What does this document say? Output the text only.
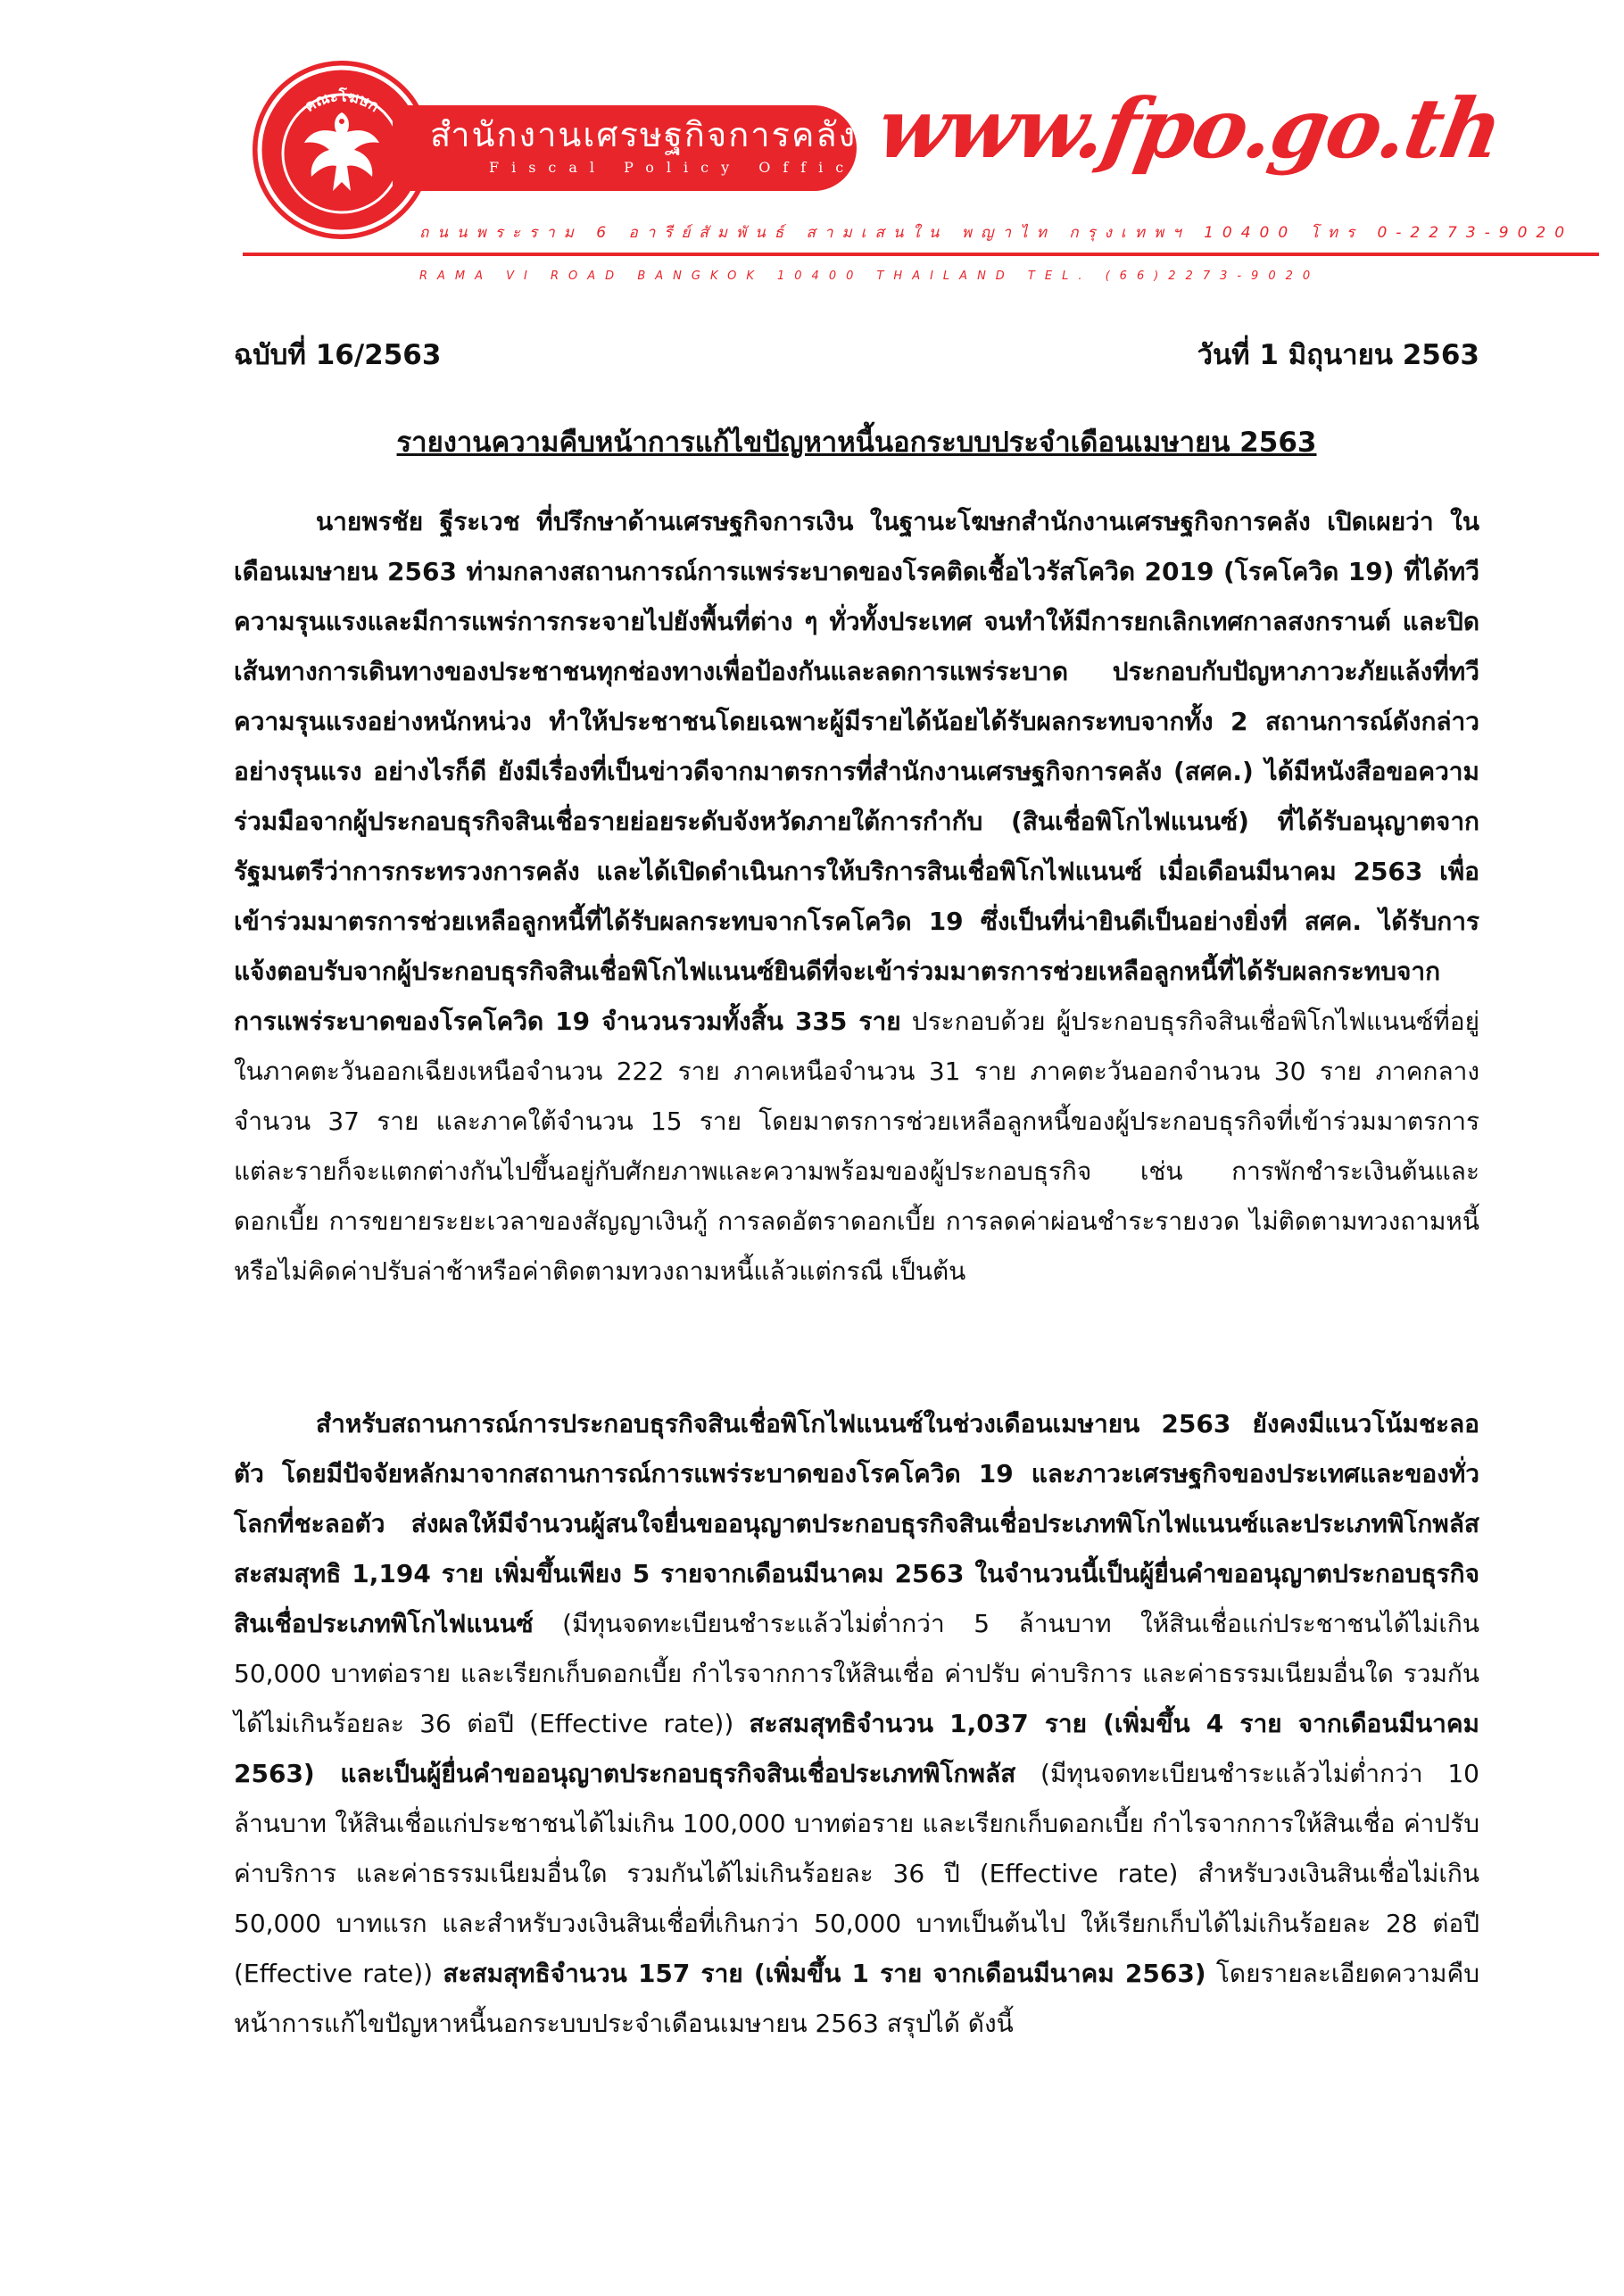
คณะโฆษก
สำนักงานเศรษฐกิจการคลัง
Fiscal Policy Office
www.fpo.go.th
ถนนพระราม 6 อารีย์สัมพันธ์ สามเสนใน พญาไท กรุงเทพฯ 10400 โทร 0-2273-9020
RAMA VI ROAD BANGKOK 10400 THAILAND TEL. (66)2273-9020
ฉบับที่ 16/2563	วันที่ 1 มิถุนายน 2563
รายงานความคืบหน้าการแก้ไขปัญหาหนี้นอกระบบประจำเดือนเมษายน 2563

นายพรชัย ฐีระเวช ที่ปรึกษาด้านเศรษฐกิจการเงิน ในฐานะโฆษกสำนักงานเศรษฐกิจการคลัง เปิดเผยว่า ในเดือนเมษายน 2563 ท่ามกลางสถานการณ์การแพร่ระบาดของโรคติดเชื้อไวรัสโควิด 2019 (โรคโควิด 19) ที่ได้ทวีความรุนแรงและมีการแพร่การกระจายไปยังพื้นที่ต่าง ๆ ทั่วทั้งประเทศ จนทำให้มีการยกเลิกเทศกาลสงกรานต์ และปิดเส้นทางการเดินทางของประชาชนทุกช่องทางเพื่อป้องกันและลดการแพร่ระบาด ประกอบกับปัญหาภาวะภัยแล้งที่ทวีความรุนแรงอย่างหนักหน่วง ทำให้ประชาชนโดยเฉพาะผู้มีรายได้น้อยได้รับผลกระทบจากทั้ง 2 สถานการณ์ดังกล่าวอย่างรุนแรง อย่างไรก็ดี ยังมีเรื่องที่เป็นข่าวดีจากมาตรการที่สำนักงานเศรษฐกิจการคลัง (สศค.) ได้มีหนังสือขอความร่วมมือจากผู้ประกอบธุรกิจสินเชื่อรายย่อยระดับจังหวัดภายใต้การกำกับ (สินเชื่อพิโกไฟแนนซ์) ที่ได้รับอนุญาตจากรัฐมนตรีว่าการกระทรวงการคลัง และได้เปิดดำเนินการให้บริการสินเชื่อพิโกไฟแนนซ์ เมื่อเดือนมีนาคม 2563 เพื่อเข้าร่วมมาตรการช่วยเหลือลูกหนี้ที่ได้รับผลกระทบจากโรคโควิด 19 ซึ่งเป็นที่น่ายินดีเป็นอย่างยิ่งที่ สศค. ได้รับการแจ้งตอบรับจากผู้ประกอบธุรกิจสินเชื่อพิโกไฟแนนซ์ยินดีที่จะเข้าร่วมมาตรการช่วยเหลือลูกหนี้ที่ได้รับผลกระทบจากการแพร่ระบาดของโรคโควิด 19 จำนวนรวมทั้งสิ้น 335 ราย ประกอบด้วย ผู้ประกอบธุรกิจสินเชื่อพิโกไฟแนนซ์ที่อยู่ในภาคตะวันออกเฉียงเหนือจำนวน 222 ราย ภาคเหนือจำนวน 31 ราย ภาคตะวันออกจำนวน 30 ราย ภาคกลางจำนวน 37 ราย และภาคใต้จำนวน 15 ราย โดยมาตรการช่วยเหลือลูกหนี้ของผู้ประกอบธุรกิจที่เข้าร่วมมาตรการแต่ละรายก็จะแตกต่างกันไปขึ้นอยู่กับศักยภาพและความพร้อมของผู้ประกอบธุรกิจ เช่น การพักชำระเงินต้นและดอกเบี้ย การขยายระยะเวลาของสัญญาเงินกู้ การลดอัตราดอกเบี้ย การลดค่าผ่อนชำระรายงวด ไม่ติดตามทวงถามหนี้ หรือไม่คิดค่าปรับล่าช้าหรือค่าติดตามทวงถามหนี้แล้วแต่กรณี เป็นต้น

สำหรับสถานการณ์การประกอบธุรกิจสินเชื่อพิโกไฟแนนซ์ในช่วงเดือนเมษายน 2563 ยังคงมีแนวโน้มชะลอตัว โดยมีปัจจัยหลักมาจากสถานการณ์การแพร่ระบาดของโรคโควิด 19 และภาวะเศรษฐกิจของประเทศและของทั่วโลกที่ชะลอตัว ส่งผลให้มีจำนวนผู้สนใจยื่นขออนุญาตประกอบธุรกิจสินเชื่อประเภทพิโกไฟแนนซ์และประเภทพิโกพลัสสะสมสุทธิ 1,194 ราย เพิ่มขึ้นเพียง 5 รายจากเดือนมีนาคม 2563 ในจำนวนนี้เป็นผู้ยื่นคำขออนุญาตประกอบธุรกิจสินเชื่อประเภทพิโกไฟแนนซ์ (มีทุนจดทะเบียนชำระแล้วไม่ต่ำกว่า 5 ล้านบาท ให้สินเชื่อแก่ประชาชนได้ไม่เกิน 50,000 บาทต่อราย และเรียกเก็บดอกเบี้ย กำไรจากการให้สินเชื่อ ค่าปรับ ค่าบริการ และค่าธรรมเนียมอื่นใด รวมกันได้ไม่เกินร้อยละ 36 ต่อปี (Effective rate)) สะสมสุทธิจำนวน 1,037 ราย (เพิ่มขึ้น 4 ราย จากเดือนมีนาคม 2563) และเป็นผู้ยื่นคำขออนุญาตประกอบธุรกิจสินเชื่อประเภทพิโกพลัส (มีทุนจดทะเบียนชำระแล้วไม่ต่ำกว่า 10 ล้านบาท ให้สินเชื่อแก่ประชาชนได้ไม่เกิน 100,000 บาทต่อราย และเรียกเก็บดอกเบี้ย กำไรจากการให้สินเชื่อ ค่าปรับ ค่าบริการ และค่าธรรมเนียมอื่นใด รวมกันได้ไม่เกินร้อยละ 36 ปี (Effective rate) สำหรับวงเงินสินเชื่อไม่เกิน 50,000 บาทแรก และสำหรับวงเงินสินเชื่อที่เกินกว่า 50,000 บาทเป็นต้นไป ให้เรียกเก็บได้ไม่เกินร้อยละ 28 ต่อปี (Effective rate)) สะสมสุทธิจำนวน 157 ราย (เพิ่มขึ้น 1 ราย จากเดือนมีนาคม 2563) โดยรายละเอียดความคืบหน้าการแก้ไขปัญหาหนี้นอกระบบประจำเดือนเมษายน 2563 สรุปได้ ดังนี้
